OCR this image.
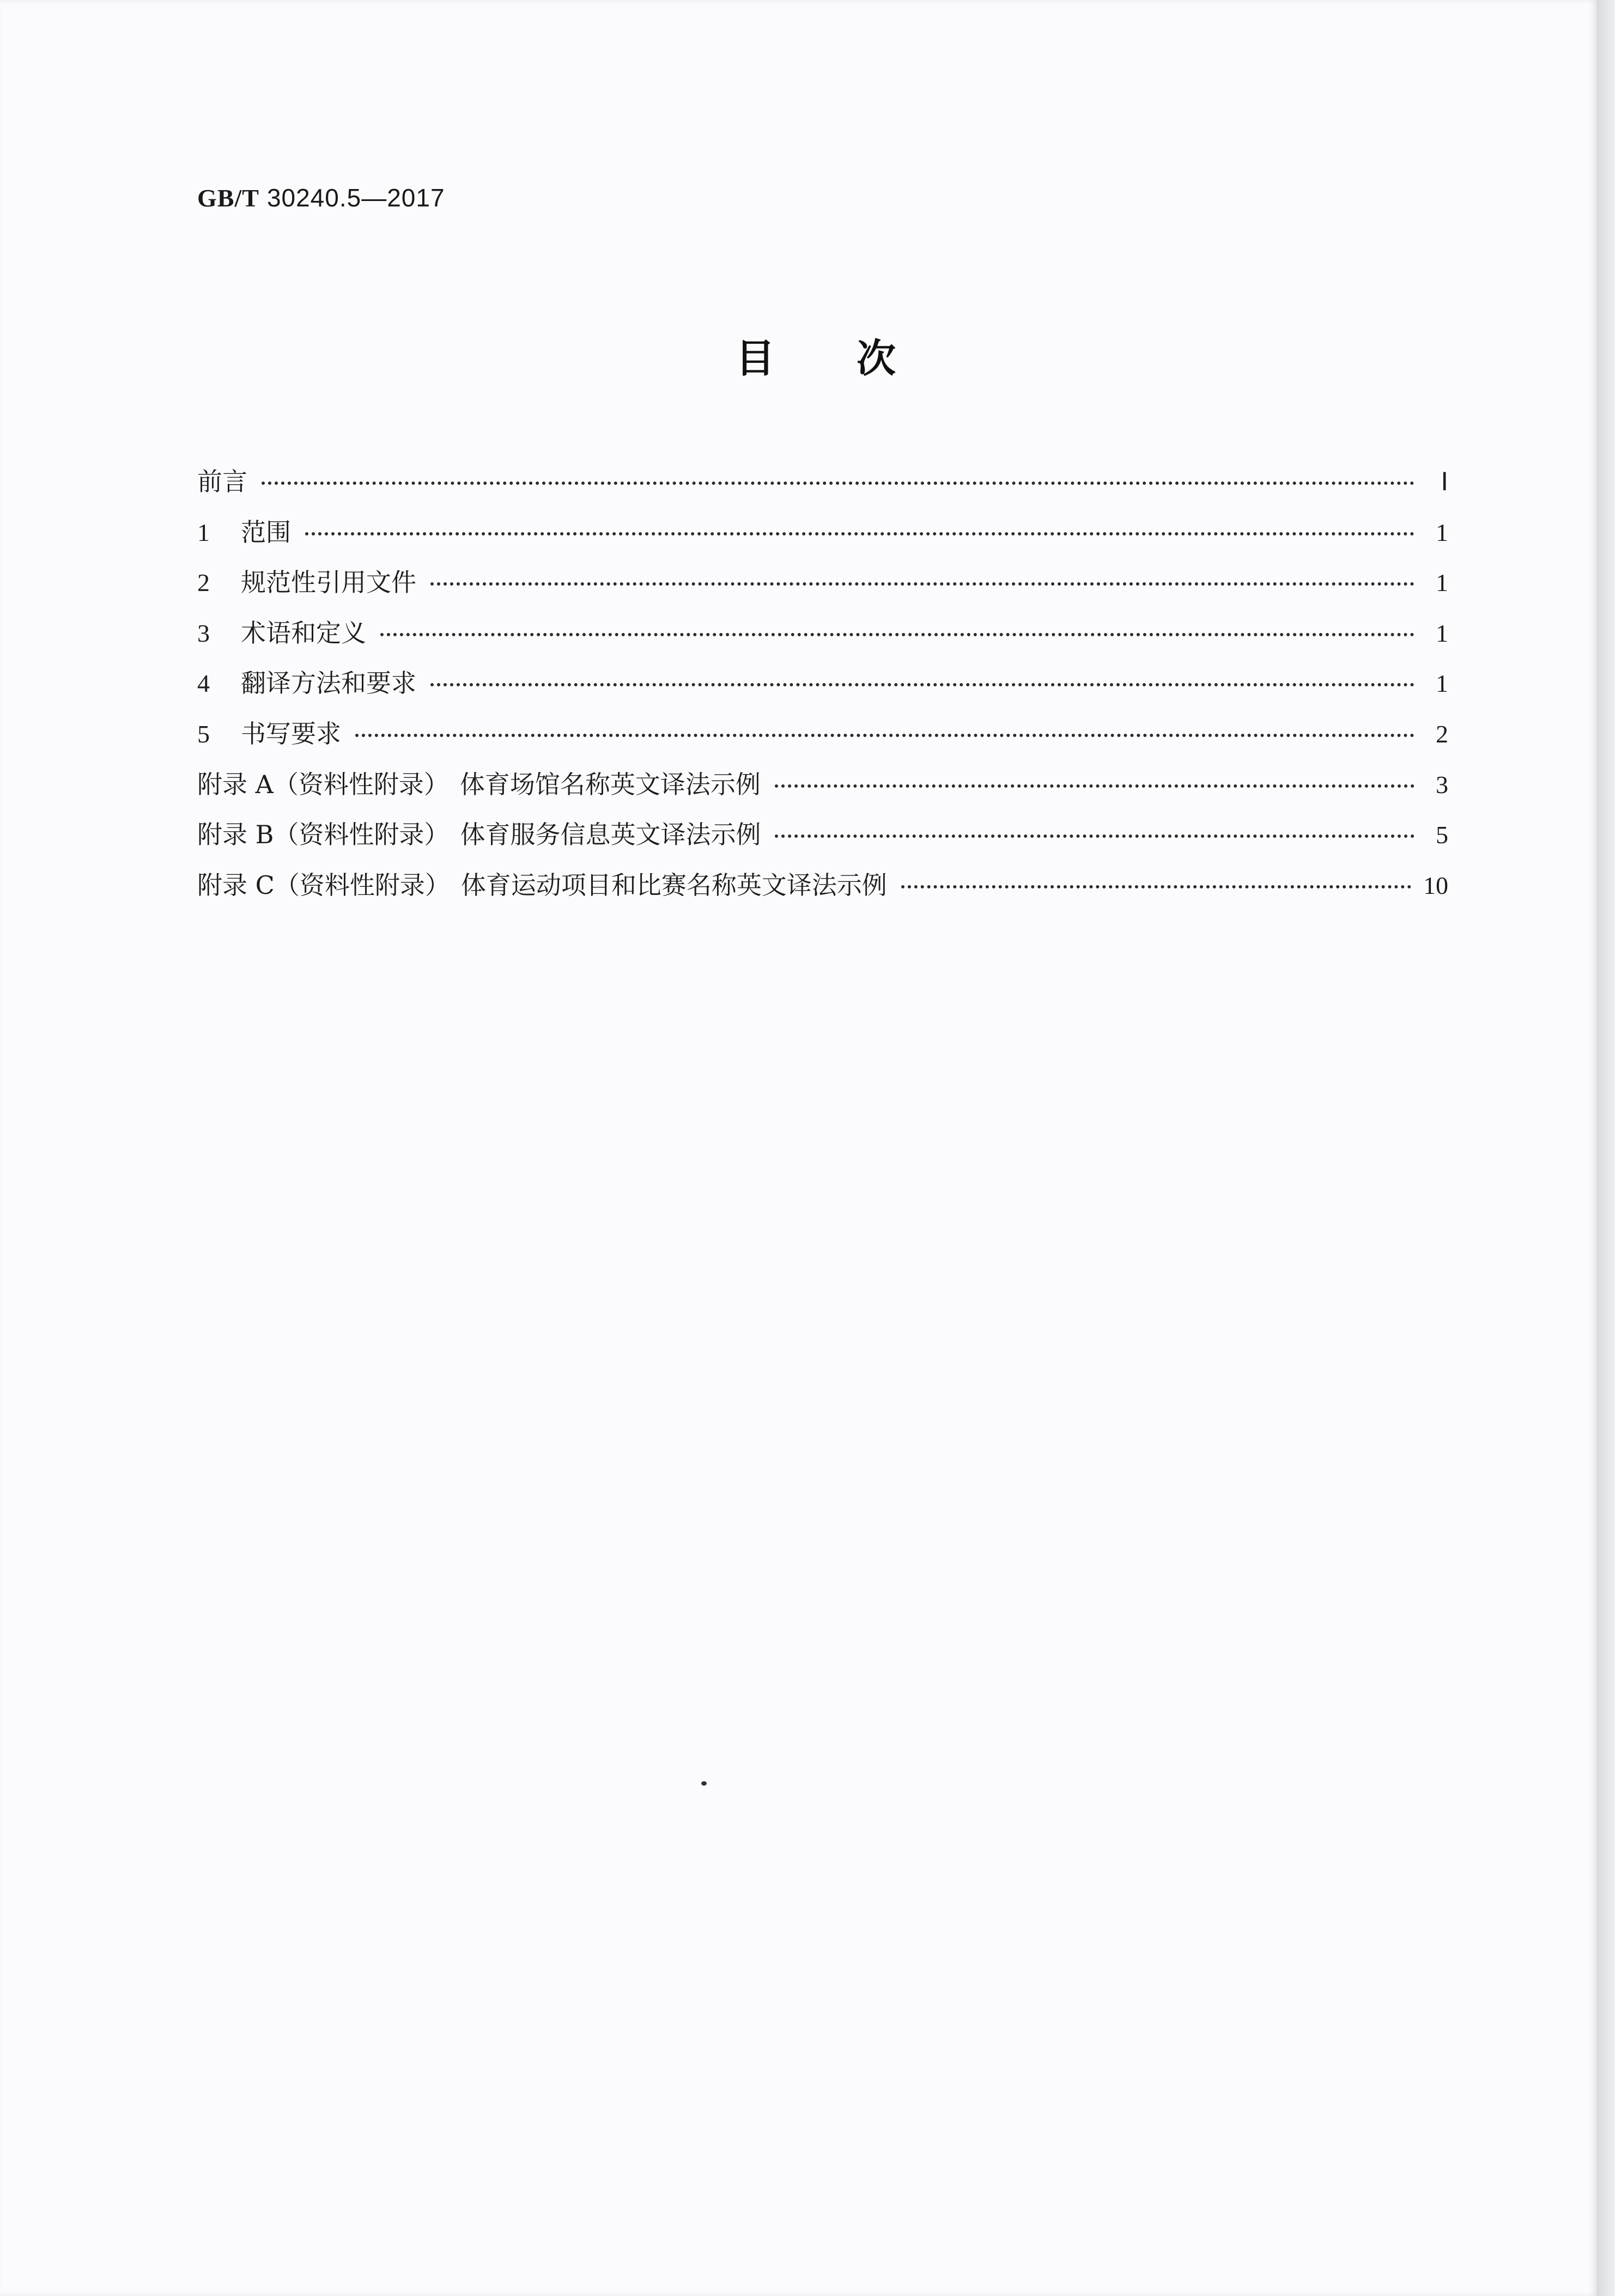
GB/T 30240.5—2017
目 次
前言	Ⅰ
1	范围	1
2	规范性引用文件	1
3	术语和定义	1
4	翻译方法和要求	1
5	书写要求	2
附录 A（资料性附录） 体育场馆名称英文译法示例	3
附录 B（资料性附录） 体育服务信息英文译法示例	5
附录 C（资料性附录） 体育运动项目和比赛名称英文译法示例	10
